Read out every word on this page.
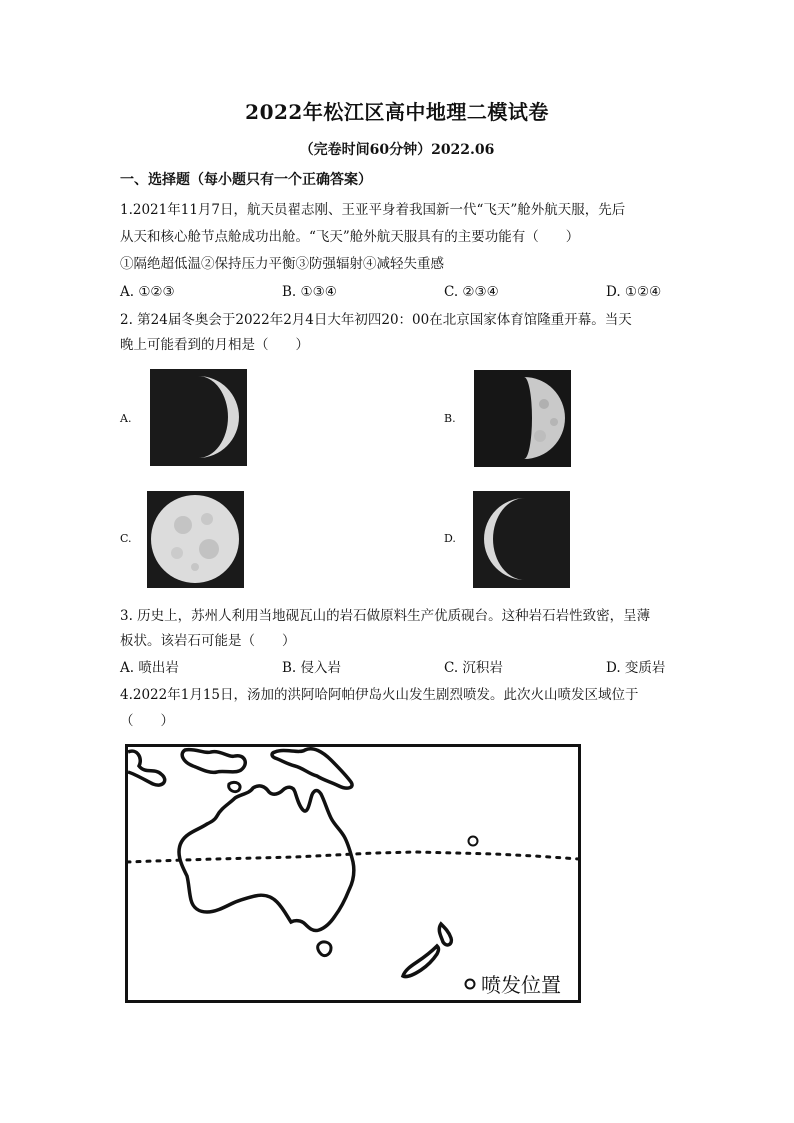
2022年松江区高中地理二模试卷
（完卷时间60分钟）2022.06
一、选择题（每小题只有一个正确答案）
1.2021年11月7日，航天员翟志刚、王亚平身着我国新一代“飞天”舱外航天服，先后
从天和核心舱节点舱成功出舱。“飞天”舱外航天服具有的主要功能有（　　）
①隔绝超低温②保持压力平衡③防强辐射④减轻失重感
A. ①②③	B. ①③④	C. ②③④	D. ①②④
2. 第24届冬奥会于2022年2月4日大年初四20：00在北京国家体育馆隆重开幕。当天
晚上可能看到的月相是（　　）
A.	B.
C.	D.
3. 历史上，苏州人利用当地砚瓦山的岩石做原料生产优质砚台。这种岩石岩性致密，呈薄
板状。该岩石可能是（　　）
A. 喷出岩	B. 侵入岩	C. 沉积岩	D. 变质岩
4.2022年1月15日，汤加的洪阿哈阿帕伊岛火山发生剧烈喷发。此次火山喷发区域位于
（　　）
喷发位置
